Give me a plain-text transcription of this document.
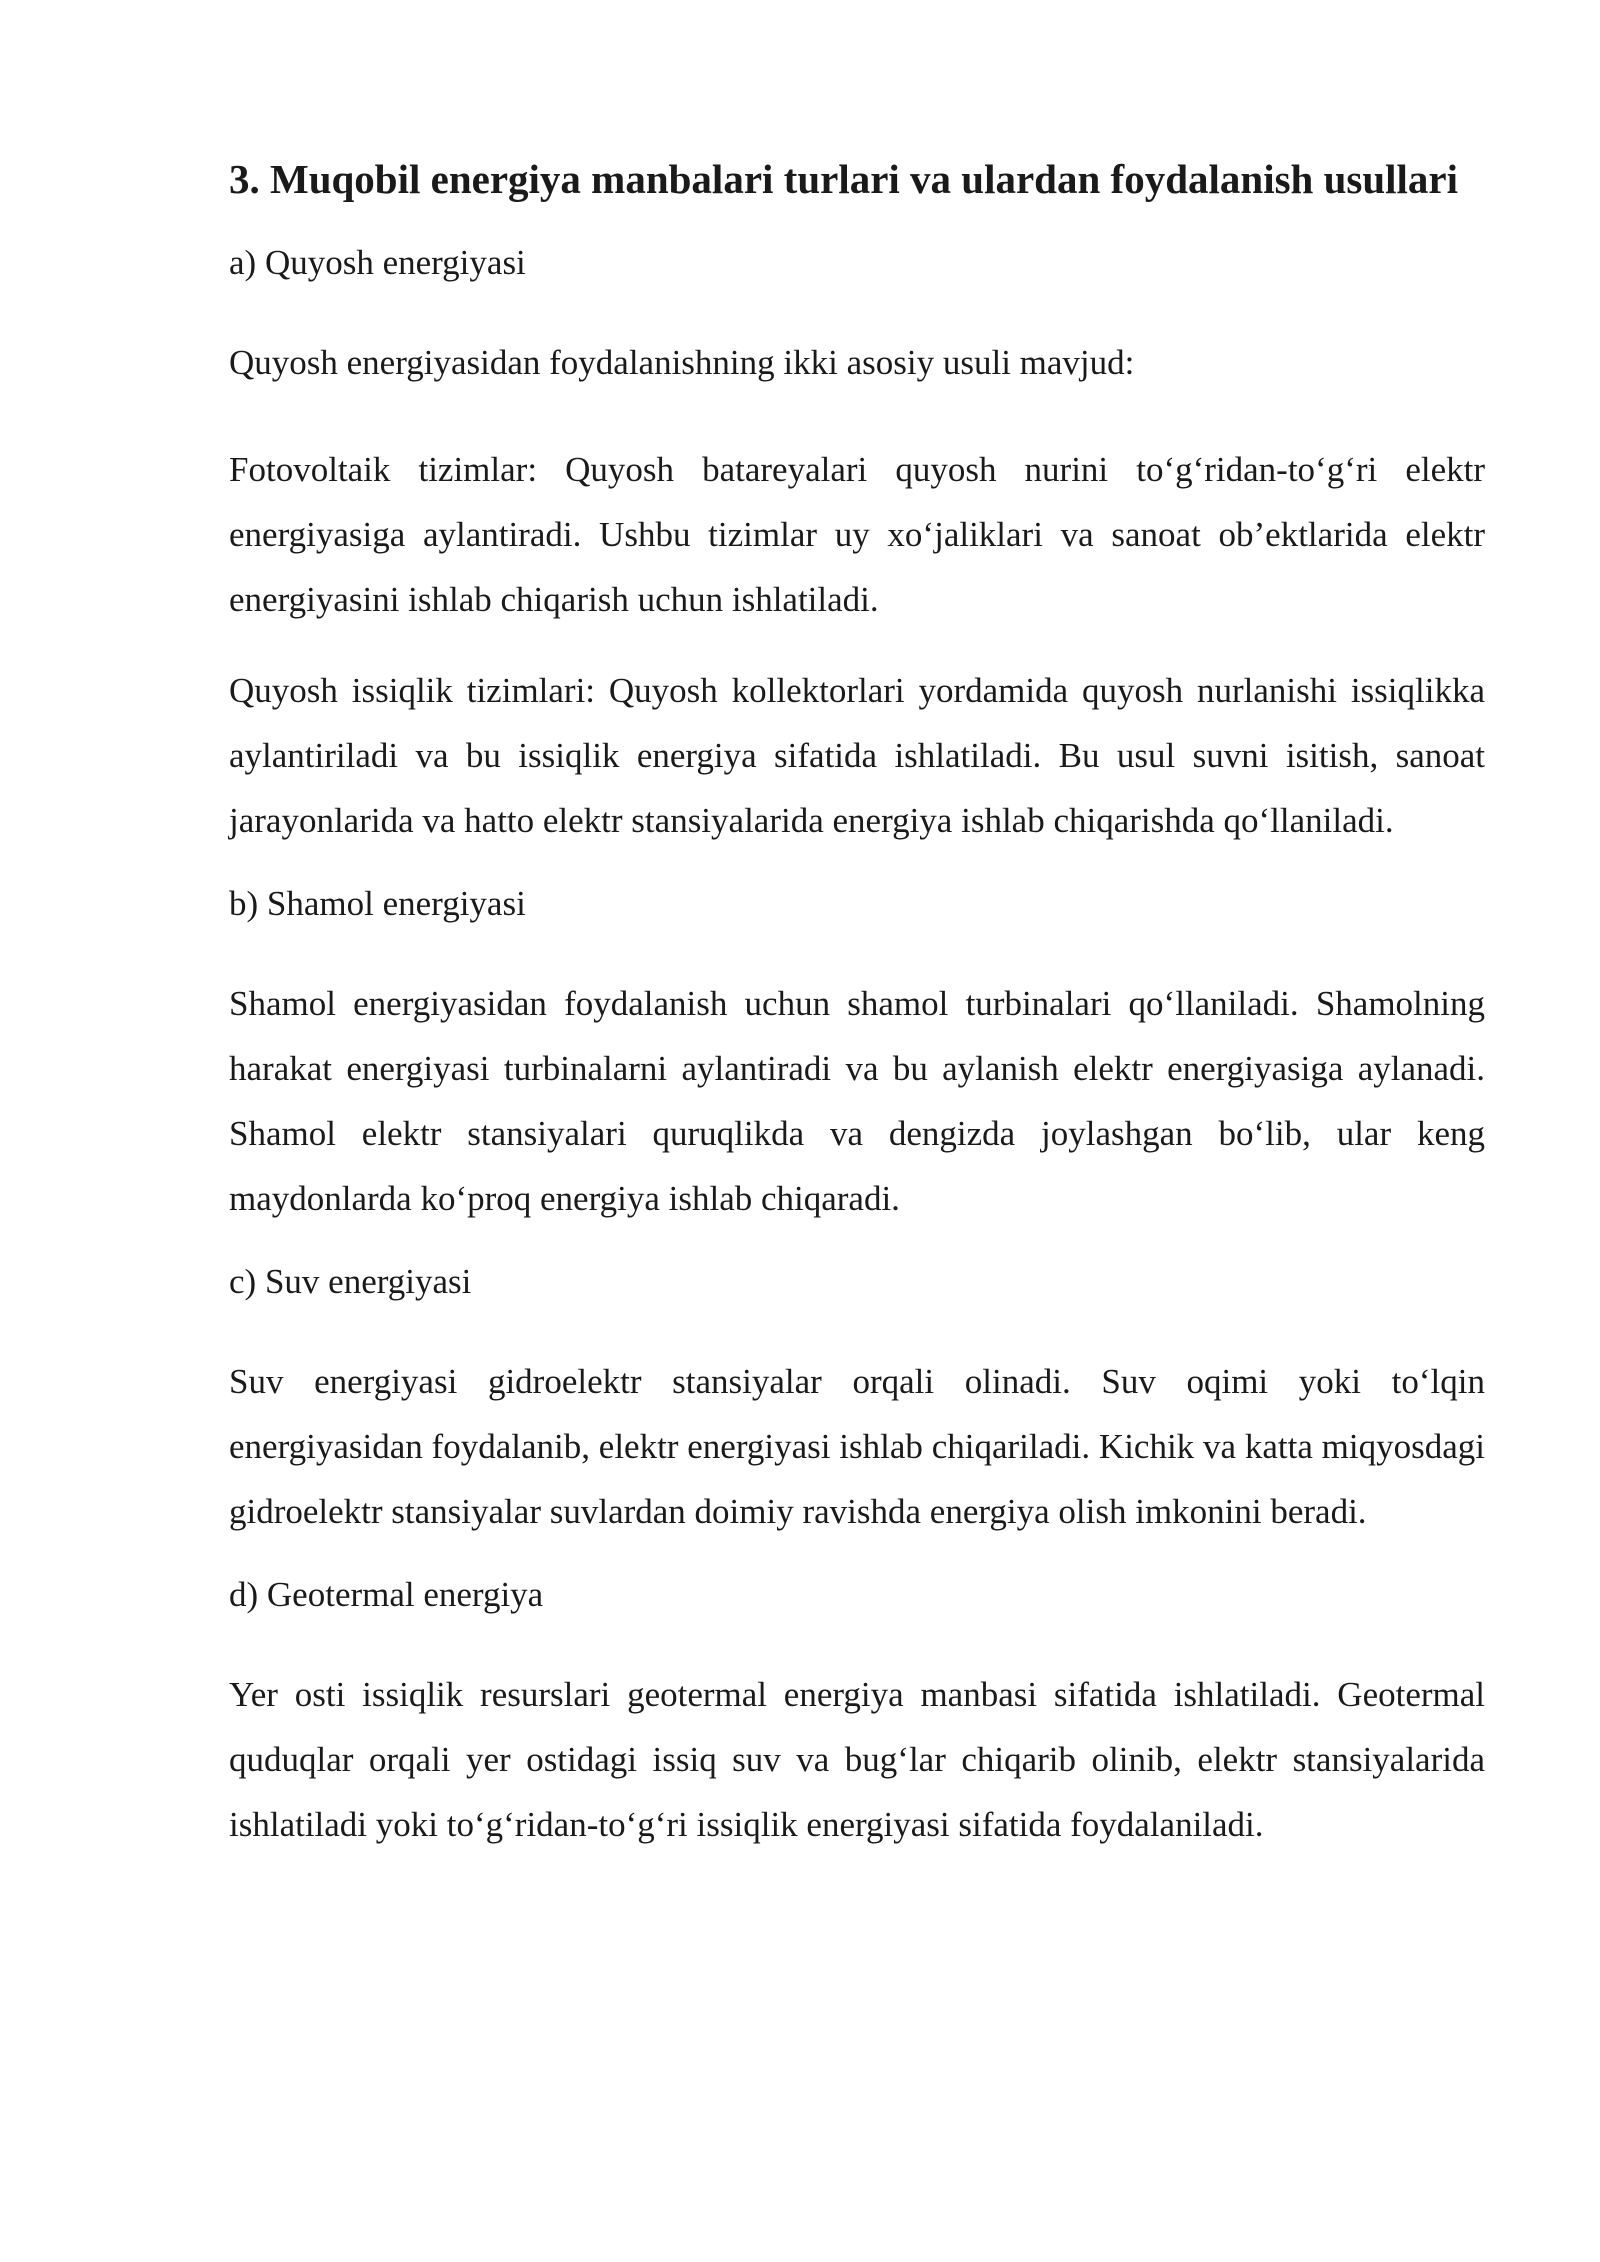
3. Muqobil energiya manbalari turlari va ulardan foydalanish usullari
a) Quyosh energiyasi

Quyosh energiyasidan foydalanishning ikki asosiy usuli mavjud:

Fotovoltaik tizimlar: Quyosh batareyalari quyosh nurini to‘g‘ridan-to‘g‘ri elektr energiyasiga aylantiradi. Ushbu tizimlar uy xo‘jaliklari va sanoat ob’ektlarida elektr energiyasini ishlab chiqarish uchun ishlatiladi.

Quyosh issiqlik tizimlari: Quyosh kollektorlari yordamida quyosh nurlanishi issiqlikka aylantiriladi va bu issiqlik energiya sifatida ishlatiladi. Bu usul suvni isitish, sanoat jarayonlarida va hatto elektr stansiyalarida energiya ishlab chiqarishda qo‘llaniladi.

b) Shamol energiyasi

Shamol energiyasidan foydalanish uchun shamol turbinalari qo‘llaniladi. Shamolning harakat energiyasi turbinalarni aylantiradi va bu aylanish elektr energiyasiga aylanadi. Shamol elektr stansiyalari quruqlikda va dengizda joylashgan bo‘lib, ular keng maydonlarda ko‘proq energiya ishlab chiqaradi.

c) Suv energiyasi

Suv energiyasi gidroelektr stansiyalar orqali olinadi. Suv oqimi yoki to‘lqin energiyasidan foydalanib, elektr energiyasi ishlab chiqariladi. Kichik va katta miqyosdagi gidroelektr stansiyalar suvlardan doimiy ravishda energiya olish imkonini beradi.

d) Geotermal energiya

Yer osti issiqlik resurslari geotermal energiya manbasi sifatida ishlatiladi. Geotermal quduqlar orqali yer ostidagi issiq suv va bug‘lar chiqarib olinib, elektr stansiyalarida ishlatiladi yoki to‘g‘ridan-to‘g‘ri issiqlik energiyasi sifatida foydalaniladi.
